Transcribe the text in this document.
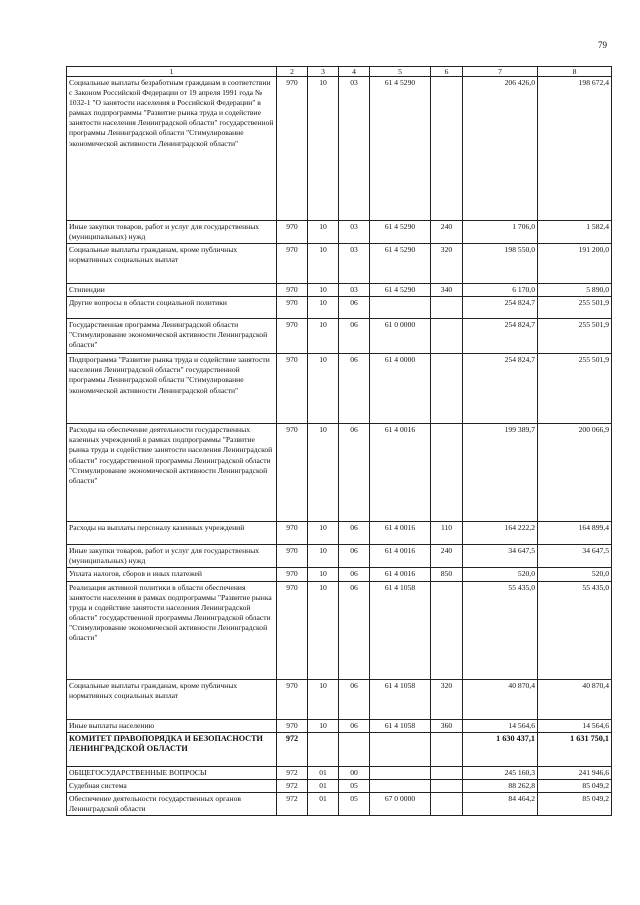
79
1	2	3	4	5	6	7	8
Социальные выплаты безработным гражданам в соответствии с Законом Российской Федерации от 19 апреля 1991 года № 1032-1 "О занятости населения в Российской Федерации" в рамках подпрограммы "Развитие рынка труда и содействие занятости населения Ленинградской области" государственной программы Ленинградской области "Стимулирование экономической активности Ленинградской области"	970	10	03	61 4 5290		206 426,0	198 672,4
Иные закупки товаров, работ и услуг для государственных (муниципальных) нужд	970	10	03	61 4 5290	240	1 706,0	1 582,4
Социальные выплаты гражданам, кроме публичных нормативных социальных выплат	970	10	03	61 4 5290	320	198 550,0	191 200,0
Стипендии	970	10	03	61 4 5290	340	6 170,0	5 890,0
Другие вопросы в области социальной политики	970	10	06			254 824,7	255 501,9
Государственная программа Ленинградской области "Стимулирование экономической активности Ленинградской области"	970	10	06	61 0 0000		254 824,7	255 501,9
Подпрограмма "Развитие рынка труда и содействие занятости населения Ленинградской области" государственной программы Ленинградской области "Стимулирование экономической активности Ленинградской области"	970	10	06	61 4 0000		254 824,7	255 501,9
Расходы на обеспечение деятельности государственных казенных учреждений в рамках подпрограммы "Развитие рынка труда и содействие занятости населения Ленинградской области" государственной программы Ленинградской области "Стимулирование экономической активности Ленинградской области"	970	10	06	61 4 0016		199 389,7	200 066,9
Расходы на выплаты персоналу казенных учреждений	970	10	06	61 4 0016	110	164 222,2	164 899,4
Иные закупки товаров, работ и услуг для государственных (муниципальных) нужд	970	10	06	61 4 0016	240	34 647,5	34 647,5
Уплата налогов, сборов и иных платежей	970	10	06	61 4 0016	850	520,0	520,0
Реализация активной политики в области обеспечения занятости населения в рамках подпрограммы "Развитие рынка труда и содействие занятости населения Ленинградской области" государственной программы Ленинградской области "Стимулирование экономической активности Ленинградской области"	970	10	06	61 4 1058		55 435,0	55 435,0
Социальные выплаты гражданам, кроме публичных нормативных социальных выплат	970	10	06	61 4 1058	320	40 870,4	40 870,4
Иные выплаты населению	970	10	06	61 4 1058	360	14 564,6	14 564,6
КОМИТЕТ ПРАВОПОРЯДКА И БЕЗОПАСНОСТИ ЛЕНИНГРАДСКОЙ ОБЛАСТИ	972					1 630 437,1	1 631 750,1
ОБЩЕГОСУДАРСТВЕННЫЕ ВОПРОСЫ	972	01	00			245 160,3	241 946,6
Судебная система	972	01	05			88 262,8	85 049,2
Обеспечение деятельности государственных органов Ленинградской области	972	01	05	67 0 0000		84 464,2	85 049,2
